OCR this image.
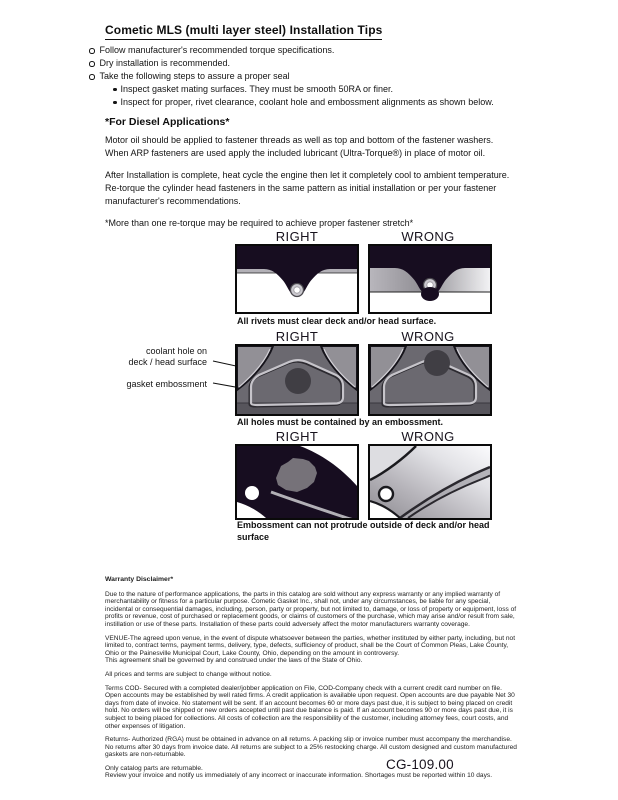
Cometic MLS (multi layer steel) Installation Tips
Follow manufacturer's recommended torque specifications.
Dry installation is recommended.
Take the following steps to assure a proper seal
Inspect gasket mating surfaces. They must be smooth 50RA or finer.
Inspect for proper, rivet clearance, coolant hole and embossment alignments as shown below.
*For Diesel Applications*

Motor oil should be applied to fastener threads as well as top and bottom of the fastener washers. When ARP fasteners are used apply the included lubricant (Ultra-Torque®) in place of motor oil.

After Installation is complete, heat cycle the engine then let it completely cool to ambient temperature. Re-torque the cylinder head fasteners in the same pattern as initial installation or per your fastener manufacturer's recommendations.

*More than one re-torque may be required to achieve proper fastener stretch*

RIGHT	WRONG
All rivets must clear deck and/or head surface.
RIGHT	WRONG
coolant hole on
deck / head surface
gasket embossment
All holes must be contained by an embossment.
RIGHT	WRONG
Embossment can not protrude outside of deck and/or head surface

Warranty Disclaimer*

Due to the nature of performance applications, the parts in this catalog are sold without any express warranty or any implied warranty of merchantability or fitness for a particular purpose. Cometic Gasket Inc., shall not, under any circumstances, be liable for any special, incidental or consequential damages, including, person, party or property, but not limited to, damage, or loss of property or equipment, loss of profits or revenue, cost of purchased or replacement goods, or claims of customers of the purchase, which may arise and/or result from sale, instillation or use of these parts. Installation of these parts could adversely affect the motor manufacturers warranty coverage.

VENUE-The agreed upon venue, in the event of dispute whatsoever between the parties, whether instituted by either party, including, but not limited to, contract terms, payment terms, delivery, type, defects, sufficiency of product, shall be the Court of Common Pleas, Lake County, Ohio or the Painesville Municipal Court, Lake County, Ohio, depending on the amount in controversy.

This agreement shall be governed by and construed under the laws of the State of Ohio.

All prices and terms are subject to change without notice.

Terms COD- Secured with a completed dealer/jobber application on File, COD-Company check with a current credit card number on file. Open accounts may be established by well rated firms. A credit application is available upon request. Open accounts are due payable Net 30 days from date of invoice. No statement will be sent. If an account becomes 60 or more days past due, it is subject to being placed on credit hold. No orders will be shipped or new orders accepted until past due balance is paid. If an account becomes 90 or more days past due, it is subject to being placed for collections. All costs of collection are the responsibility of the customer, including attorney fees, court costs, and other expenses of litigation.

Returns- Authorized (RGA) must be obtained in advance on all returns. A packing slip or invoice number must accompany the merchandise. No returns after 30 days from invoice date. All returns are subject to a 25% restocking charge. All custom designed and custom manufactured gaskets are non-returnable.

Only catalog parts are returnable.

Review your invoice and notify us immediately of any incorrect or inaccurate information. Shortages must be reported within 10 days.

CG-109.00
